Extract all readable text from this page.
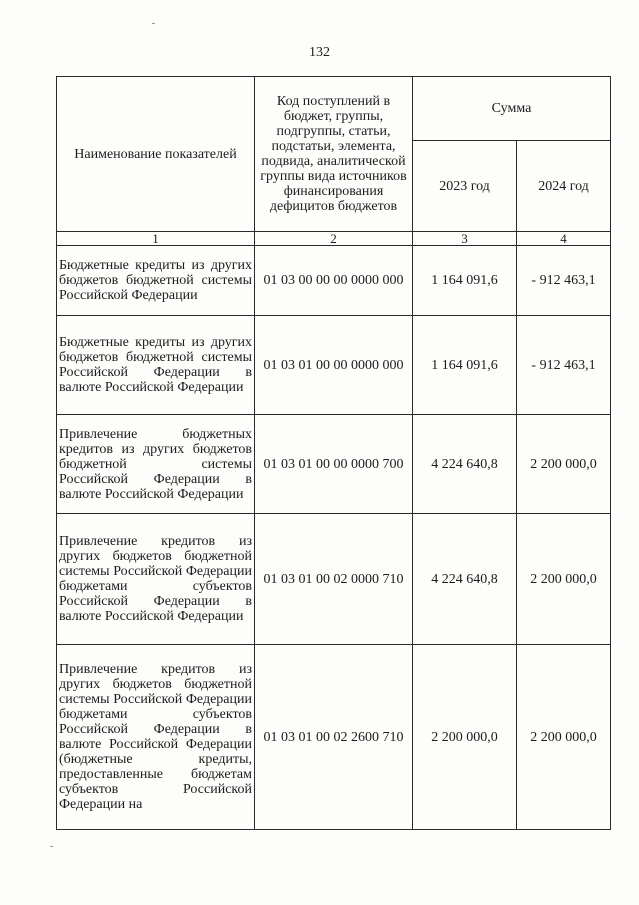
132
Наименование показателей	Код поступлений в бюджет, группы, подгруппы, статьи, подстатьи, элемента, подвида, аналитической группы вида источников финансирования дефицитов бюджетов	Сумма	
		2023 год	2024 год
1	2	3	4
Бюджетные кредиты из других бюджетов бюджетной системы Российской Федерации	01 03 00 00 00 0000 000	1 164 091,6	- 912 463,1
Бюджетные кредиты из других бюджетов бюджетной системы Российской Федерации в валюте Российской Федерации	01 03 01 00 00 0000 000	1 164 091,6	- 912 463,1
Привлечение бюджетных кредитов из других бюджетов бюджетной системы Российской Федерации в валюте Российской Федерации	01 03 01 00 00 0000 700	4 224 640,8	2 200 000,0
Привлечение кредитов из других бюджетов бюджетной системы Российской Федерации бюджетами субъектов Российской Федерации в валюте Российской Федерации	01 03 01 00 02 0000 710	4 224 640,8	2 200 000,0
Привлечение кредитов из других бюджетов бюджетной системы Российской Федерации бюджетами субъектов Российской Федерации в валюте Российской Федерации (бюджетные кредиты, предоставленные бюджетам субъектов Российской Федерации на	01 03 01 00 02 2600 710	2 200 000,0	2 200 000,0
